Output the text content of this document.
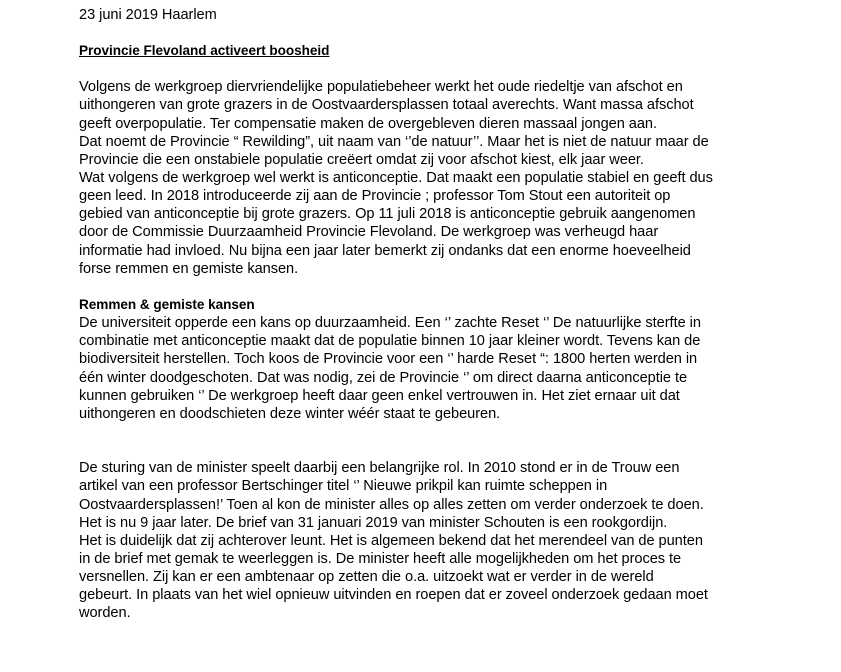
23 juni 2019 Haarlem
Provincie Flevoland activeert boosheid
Volgens de werkgroep diervriendelijke populatiebeheer werkt het oude riedeltje van afschot en
uithongeren van grote grazers in de Oostvaardersplassen totaal averechts. Want massa afschot
geeft overpopulatie. Ter compensatie maken de overgebleven dieren massaal jongen aan.
Dat noemt de Provincie “ Rewilding”, uit naam van ‘’de natuur’’. Maar het is niet de natuur maar de
Provincie die een onstabiele populatie creëert omdat zij voor afschot kiest, elk jaar weer.
Wat volgens de werkgroep wel werkt is anticonceptie. Dat maakt een populatie stabiel en geeft dus
geen leed. In 2018 introduceerde zij aan de Provincie ; professor Tom Stout een autoriteit op
gebied van anticonceptie bij grote grazers. Op 11 juli 2018 is anticonceptie gebruik aangenomen
door de Commissie Duurzaamheid Provincie Flevoland. De werkgroep was verheugd haar
informatie had invloed. Nu bijna een jaar later bemerkt zij ondanks dat een enorme hoeveelheid
forse remmen en gemiste kansen.
Remmen & gemiste kansen
De universiteit opperde een kans op duurzaamheid. Een ‘’ zachte Reset ‘’ De natuurlijke sterfte in
combinatie met anticonceptie maakt dat de populatie binnen 10 jaar kleiner wordt. Tevens kan de
biodiversiteit herstellen. Toch koos de Provincie voor een ‘’ harde Reset “: 1800 herten werden in
één winter doodgeschoten. Dat was nodig, zei de Provincie ‘’ om direct daarna anticonceptie te
kunnen gebruiken ‘’ De werkgroep heeft daar geen enkel vertrouwen in. Het ziet ernaar uit dat
uithongeren en doodschieten deze winter wéér staat te gebeuren.
De sturing van de minister speelt daarbij een belangrijke rol. In 2010 stond er in de Trouw een
artikel van een professor Bertschinger titel ‘’ Nieuwe prikpil kan ruimte scheppen in
Oostvaardersplassen!’ Toen al kon de minister alles op alles zetten om verder onderzoek te doen.
Het is nu 9 jaar later. De brief van 31 januari 2019 van minister Schouten is een rookgordijn.
Het is duidelijk dat zij achterover leunt. Het is algemeen bekend dat het merendeel van de punten
in de brief met gemak te weerleggen is. De minister heeft alle mogelijkheden om het proces te
versnellen. Zij kan er een ambtenaar op zetten die o.a. uitzoekt wat er verder in de wereld
gebeurt. In plaats van het wiel opnieuw uitvinden en roepen dat er zoveel onderzoek gedaan moet
worden.
